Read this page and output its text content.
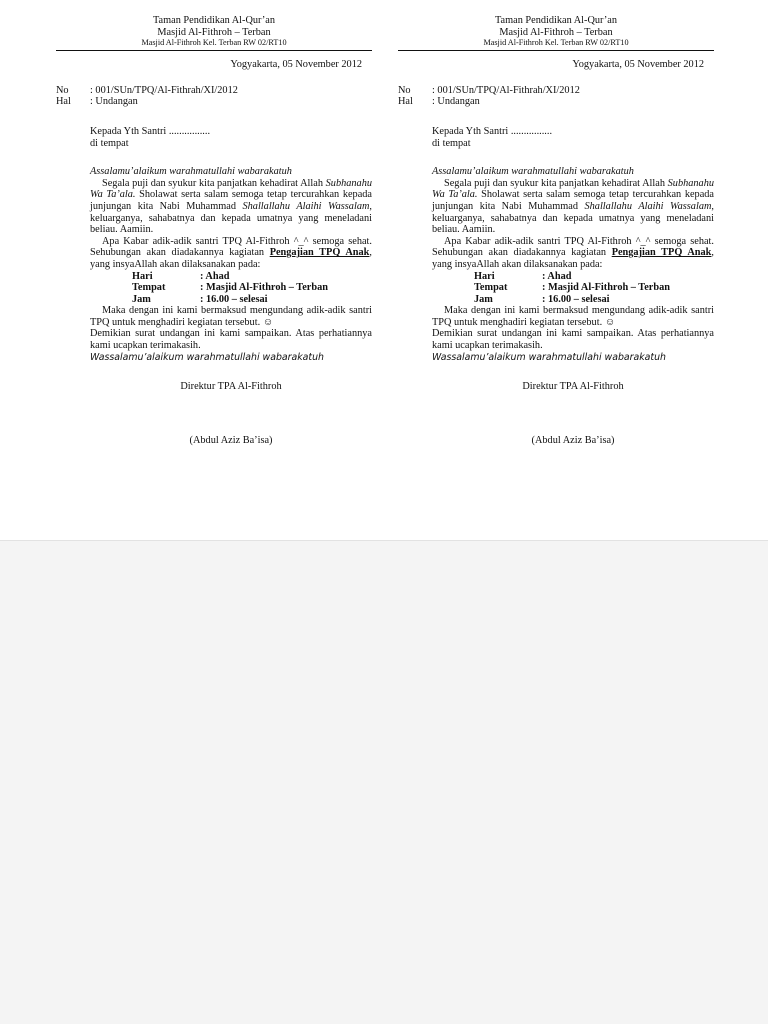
Taman Pendidikan Al-Qur’an
Masjid Al-Fithroh – Terban
Masjid Al-Fithroh Kel. Terban RW 02/RT10
Yogyakarta, 05 November 2012
No	: 001/SUn/TPQ/Al-Fithrah/XI/2012
Hal	: Undangan
Kepada Yth Santri ................
di tempat

Assalamu’alaikum warahmatullahi wabarakatuh

Segala puji dan syukur kita panjatkan kehadirat Allah Subhanahu Wa Ta’ala. Sholawat serta salam semoga tetap tercurahkan kepada junjungan kita Nabi Muhammad Shallallahu Alaihi Wassalam, keluarganya, sahabatnya dan kepada umatnya yang meneladani beliau. Aamiin.

Apa Kabar adik-adik santri TPQ Al-Fithroh ^_^ semoga sehat. Sehubungan akan diadakannya kagiatan Pengajian TPQ Anak, yang insyaAllah akan dilaksanakan pada:

Hari	: Ahad
Tempat	: Masjid Al-Fithroh – Terban
Jam	: 16.00 – selesai

Maka dengan ini kami bermaksud mengundang adik-adik santri TPQ untuk menghadiri kegiatan tersebut. ☺

Demikian surat undangan ini kami sampaikan. Atas perhatiannya kami ucapkan terimakasih.

Wassalamu’alaikum warahmatullahi wabarakatuh

Direktur TPA Al-Fithroh
(Abdul Aziz Ba’isa)
Taman Pendidikan Al-Qur’an
Masjid Al-Fithroh – Terban
Masjid Al-Fithroh Kel. Terban RW 02/RT10
Yogyakarta, 05 November 2012
No	: 001/SUn/TPQ/Al-Fithrah/XI/2012
Hal	: Undangan
Kepada Yth Santri ................
di tempat

Assalamu’alaikum warahmatullahi wabarakatuh

Segala puji dan syukur kita panjatkan kehadirat Allah Subhanahu Wa Ta’ala. Sholawat serta salam semoga tetap tercurahkan kepada junjungan kita Nabi Muhammad Shallallahu Alaihi Wassalam, keluarganya, sahabatnya dan kepada umatnya yang meneladani beliau. Aamiin.

Apa Kabar adik-adik santri TPQ Al-Fithroh ^_^ semoga sehat. Sehubungan akan diadakannya kagiatan Pengajian TPQ Anak, yang insyaAllah akan dilaksanakan pada:

Hari	: Ahad
Tempat	: Masjid Al-Fithroh – Terban
Jam	: 16.00 – selesai

Maka dengan ini kami bermaksud mengundang adik-adik santri TPQ untuk menghadiri kegiatan tersebut. ☺

Demikian surat undangan ini kami sampaikan. Atas perhatiannya kami ucapkan terimakasih.

Wassalamu’alaikum warahmatullahi wabarakatuh

Direktur TPA Al-Fithroh
(Abdul Aziz Ba’isa)
